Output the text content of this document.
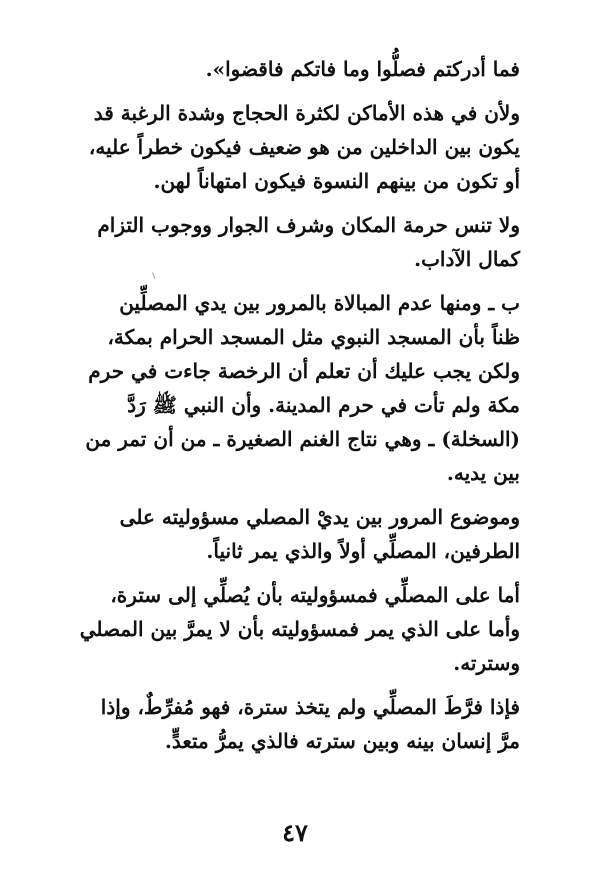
فما أدركتم فصلُّوا وما فاتكم فاقضوا».

ولأن في هذه الأماكن لكثرة الحجاج وشدة الرغبة قد
يكون بين الداخلين من هو ضعيف فيكون خطراً عليه،
أو تكون من بينهم النسوة فيكون امتهاناً لهن.

ولا تنس حرمة المكان وشرف الجوار ووجوب التزام
كمال الآداب.

ب ـ ومنها عدم المبالاة بالمرور بين يدي المصلِّين
ظناً بأن المسجد النبوي مثل المسجد الحرام بمكة،
ولكن يجب عليك أن تعلم أن الرخصة جاءت في حرم
مكة ولم تأت في حرم المدينة. وأن النبي ﷺ رَدَّ
(السخلة) ـ وهي نتاج الغنم الصغيرة ـ من أن تمر من
بين يديه.

وموضوع المرور بين يديْ المصلي مسؤوليته على
الطرفين، المصلِّي أولاً والذي يمر ثانياً.

أما على المصلِّي فمسؤوليته بأن يُصلِّي إلى سترة،
وأما على الذي يمر فمسؤوليته بأن لا يمرَّ بين المصلي
وسترته.

فإذا فرَّطَ المصلِّي ولم يتخذ سترة، فهو مُفرِّطٌ، وإذا
مرَّ إنسان بينه وبين سترته فالذي يمرُّ متعدٍّ.

٤٧
